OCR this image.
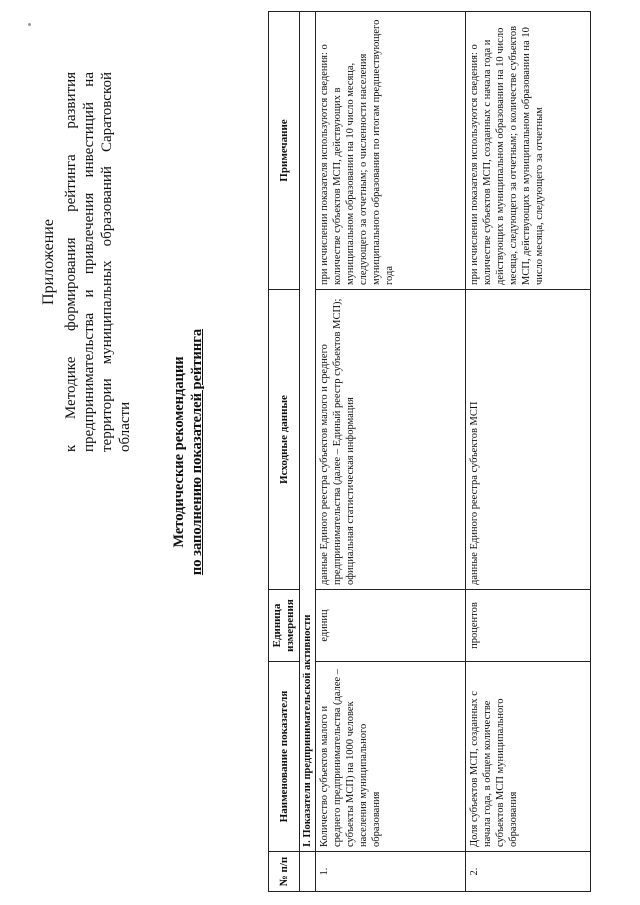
Приложение к Методике формирования рейтинга развития предпринимательства и привлечения инвестиций на территории муниципальных образований Саратовской области	Методические рекомендации по заполнению показателей рейтинга
№ п/п	Наименование показателя	Единица измерения	Исходные данные	Примечание
	I. Показатели предпринимательской активности			
1.	Количество субъектов малого и среднего предпринимательства (далее – субъекты МСП) на 1000 человек населения муниципального образования	единиц	данные Единого реестра субъектов малого и среднего предпринимательства (далее – Единый реестр субъектов МСП); официальная статистическая информация	при исчислении показателя используются сведения: о количестве субъектов МСП, действующих в муниципальном образовании на 10 число месяца, следующего за отчетным; о численности населения муниципального образования по итогам предшествующего года
2.	Доля субъектов МСП, созданных с начала года, в общем количестве субъектов МСП муниципального образования	процентов	данные Единого реестра субъектов МСП	при исчислении показателя используются сведения: о количестве субъектов МСП, созданных с начала года и действующих в муниципальном образовании на 10 число месяца, следующего за отчетным; о количестве субъектов МСП, действующих в муниципальном образовании на 10 число месяца, следующего за отчетным
